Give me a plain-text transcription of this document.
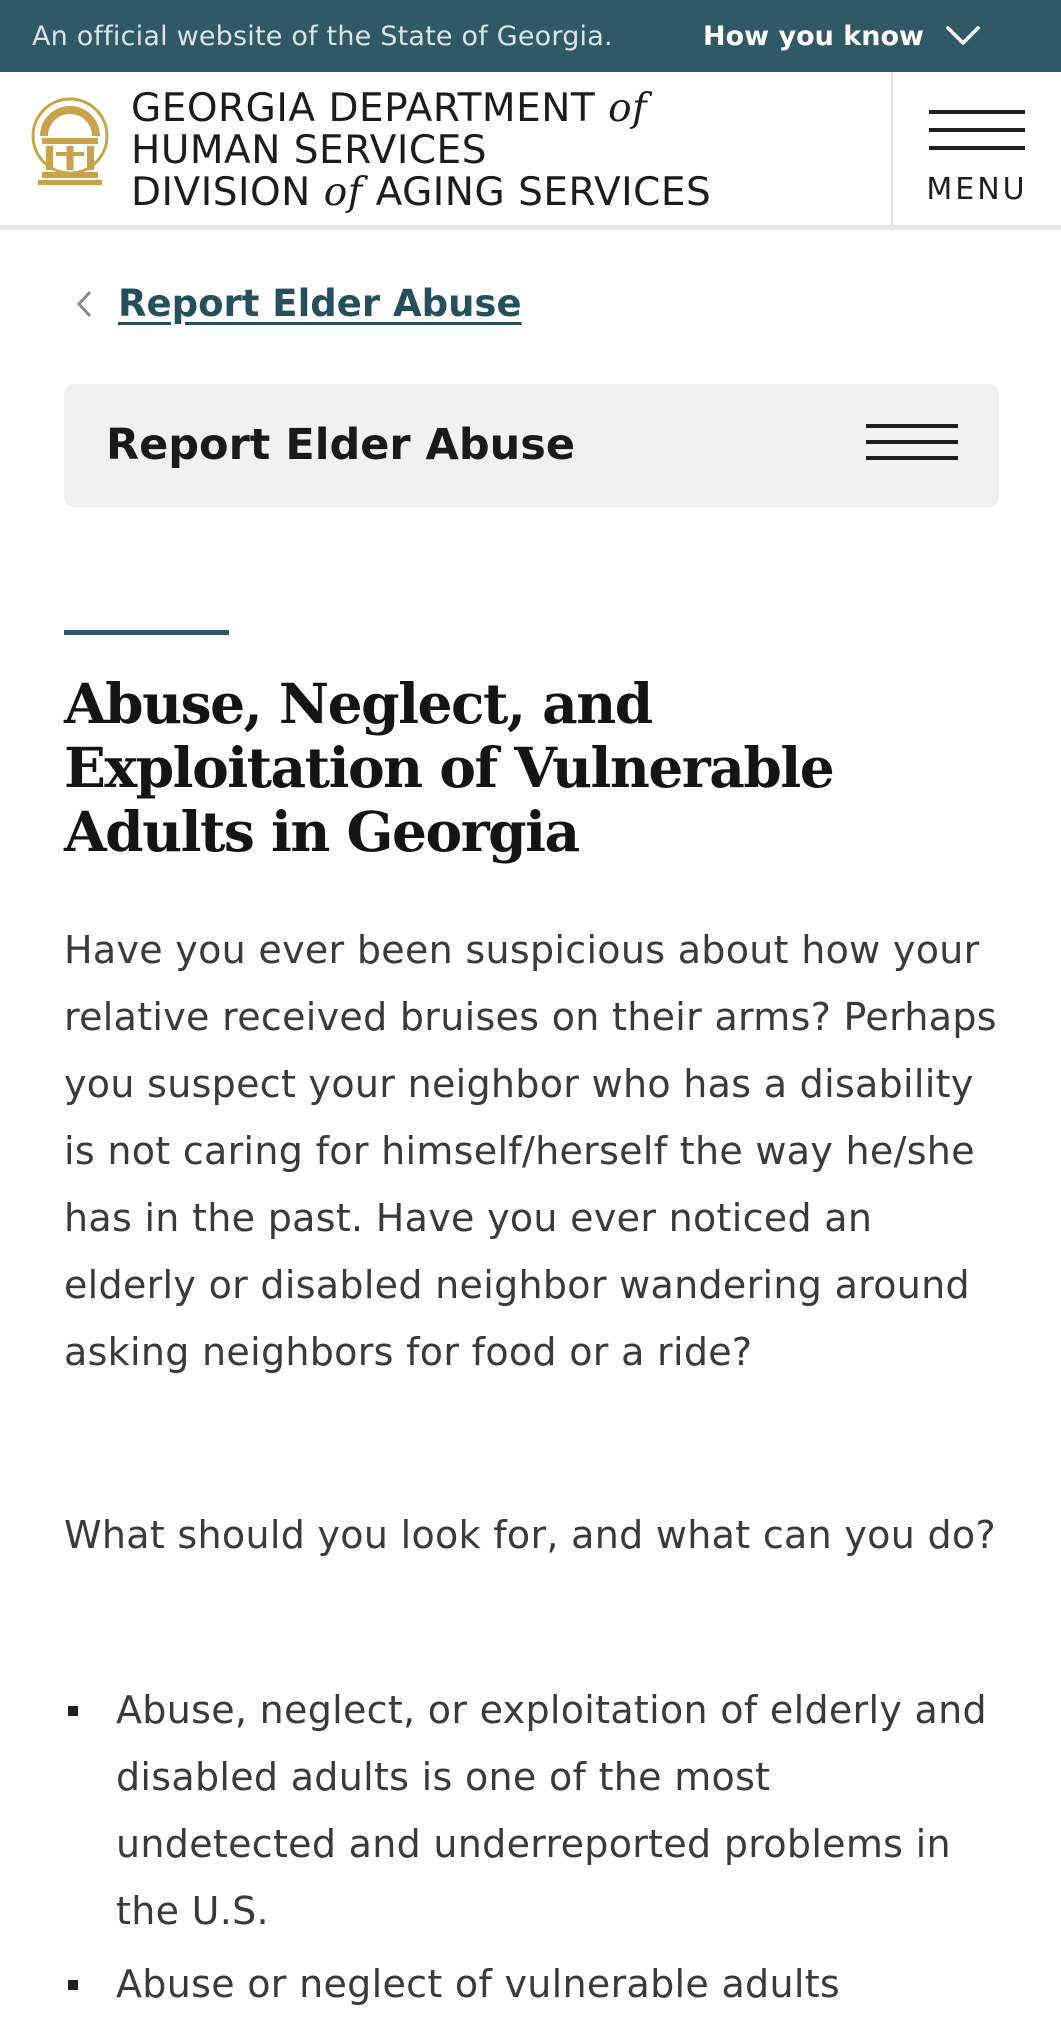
An official website of the State of Georgia.	How you know
GEORGIA DEPARTMENT of
HUMAN SERVICES
DIVISION of AGING SERVICES	MENU
Report Elder Abuse
Report Elder Abuse
Abuse, Neglect, and Exploitation of Vulnerable Adults in Georgia

Have you ever been suspicious about how your relative received bruises on their arms? Perhaps you suspect your neighbor who has a disability is not caring for himself/herself the way he/she has in the past. Have you ever noticed an elderly or disabled neighbor wandering around asking neighbors for food or a ride?

What should you look for, and what can you do?

Abuse, neglect, or exploitation of elderly and disabled adults is one of the most undetected and underreported problems in the U.S.
Abuse or neglect of vulnerable adults
